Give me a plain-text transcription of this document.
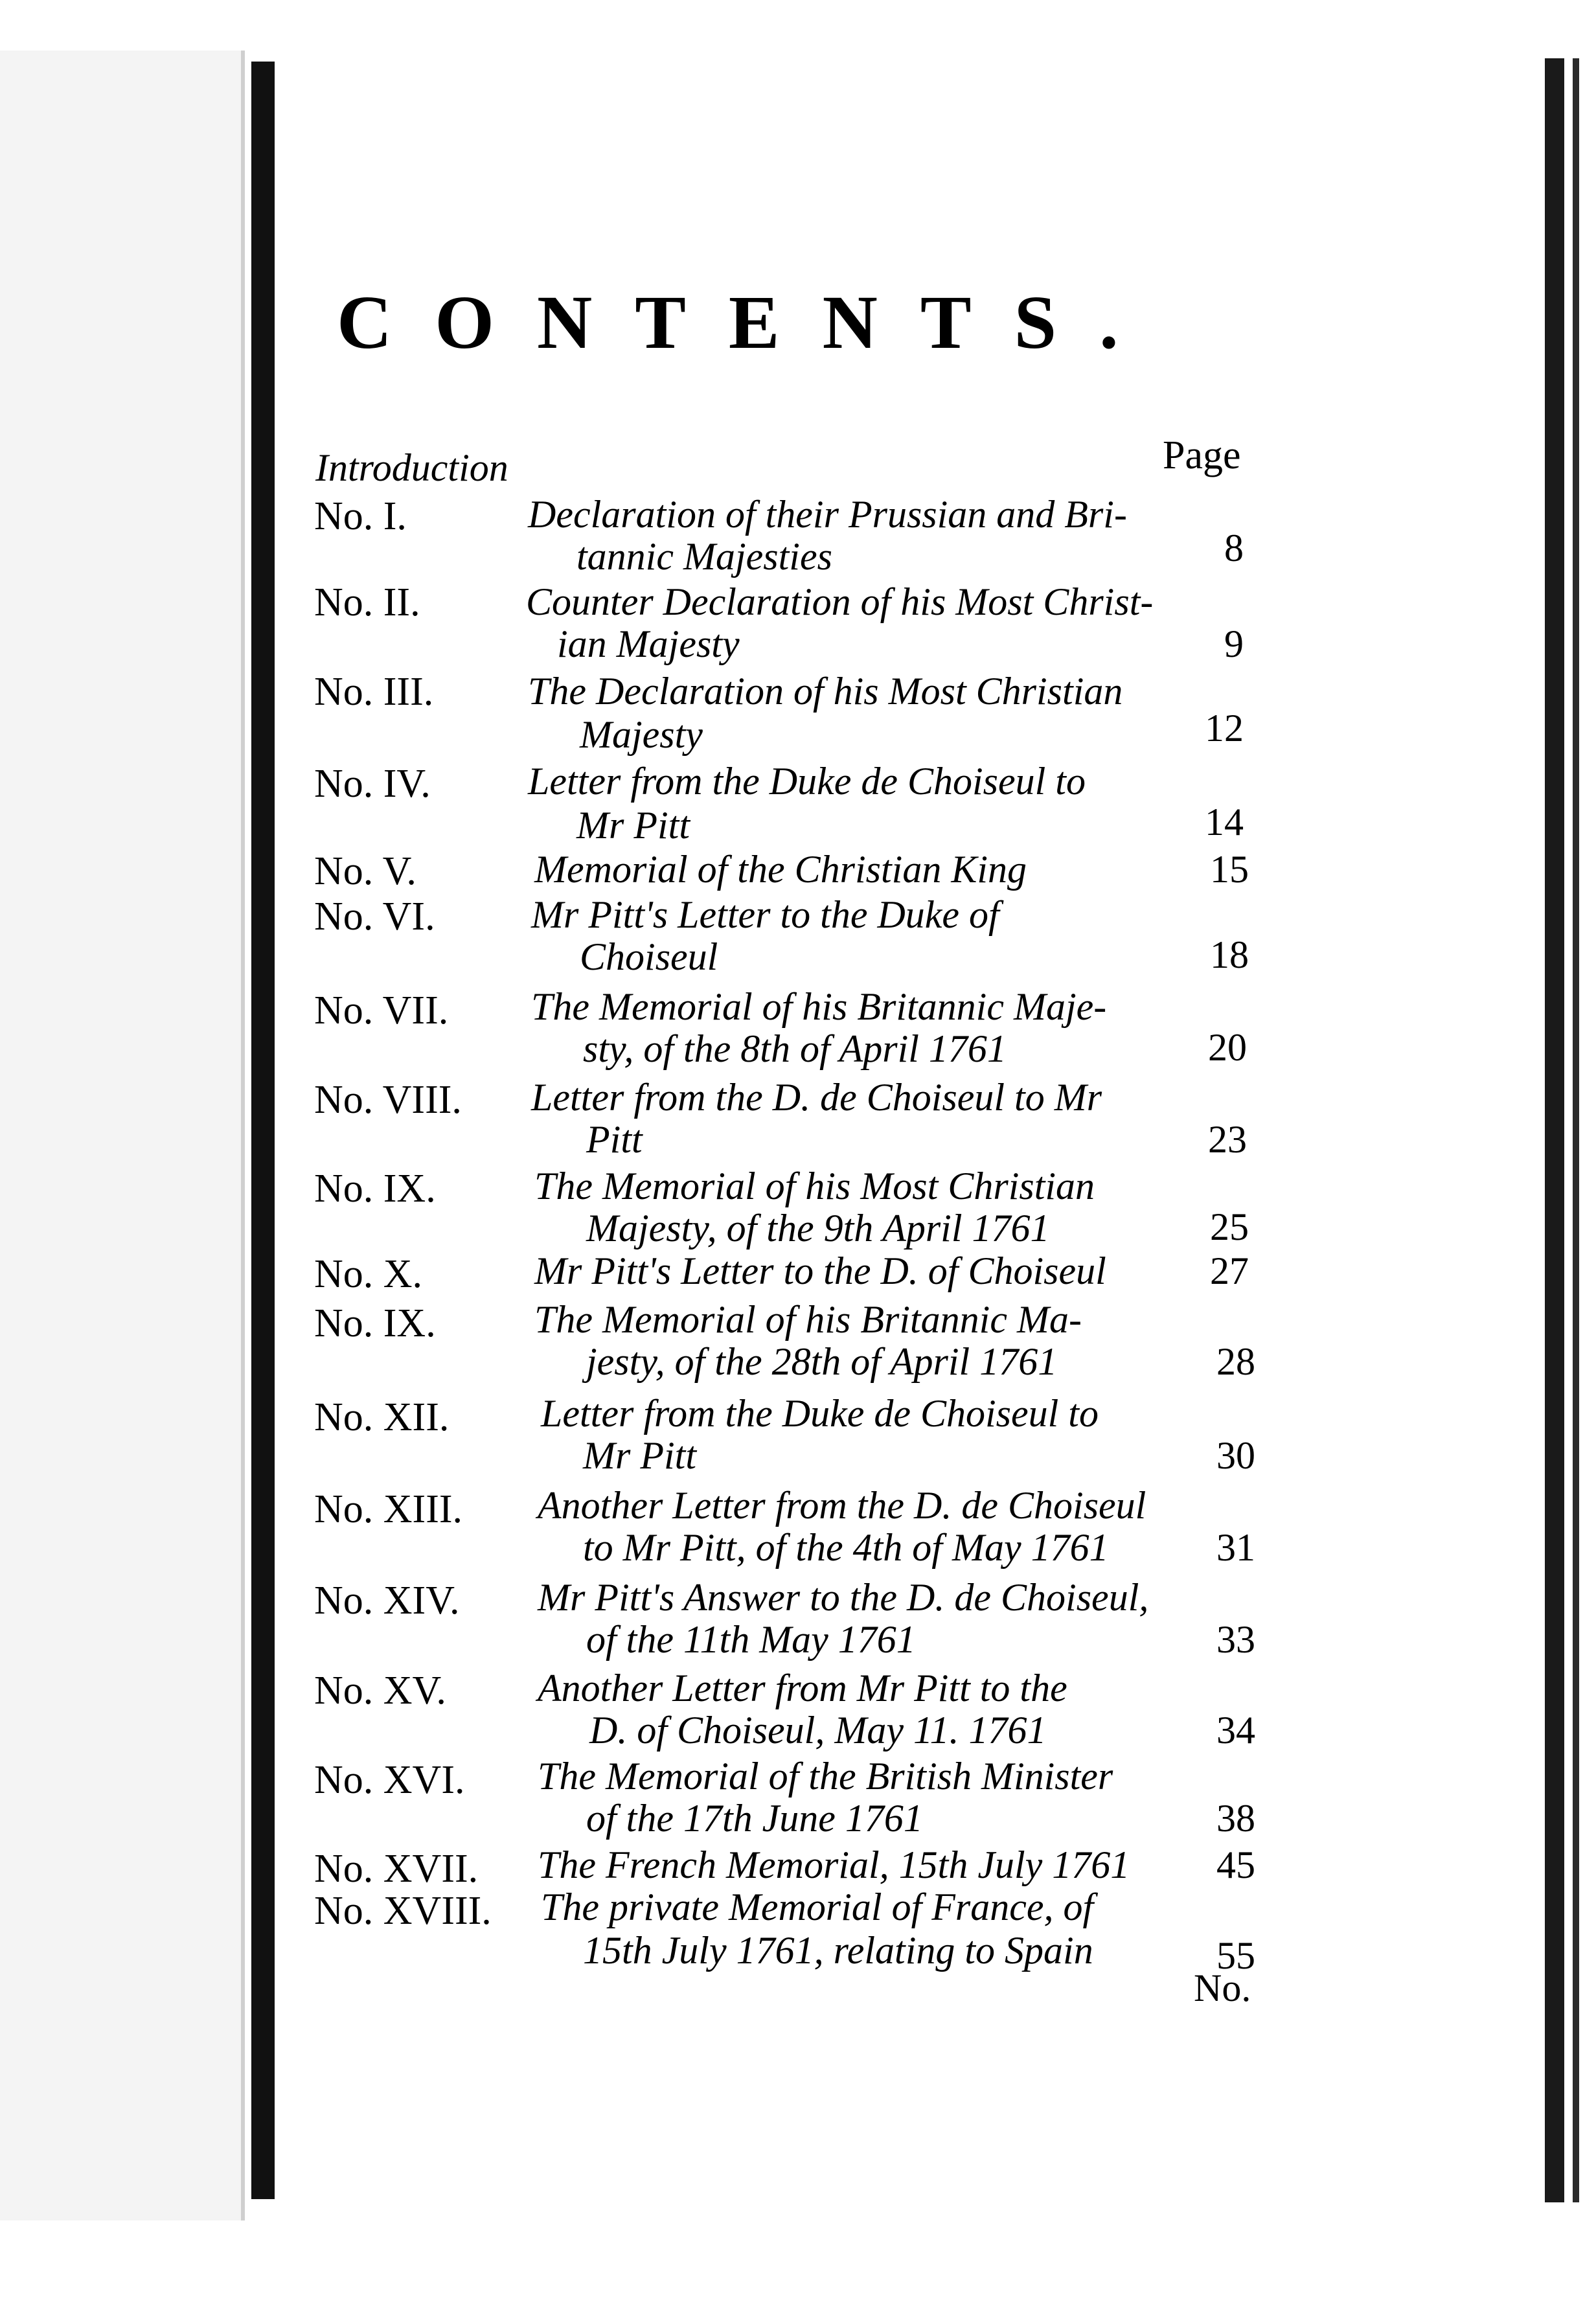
CONTENTS.
Introduction	Page
No. I.	Declaration of their Prussian and Bri-
tannic Majesties	8
No. II.	Counter Declaration of his Most Christ-
ian Majesty	9
No. III. The Declaration of his Most Christian
Majesty	12
No. IV.	Letter from the Duke de Choiseul to
Mr Pitt	14
No. V.	Memorial of the Christian King	15
No. VI. Mr Pitt's Letter to the Duke of
Choiseul	18
No. VII. The Memorial of his Britannic Maje-
sty, of the 8th of April 1761	20
No. VIII. Letter from the D. de Choiseul to Mr
Pitt	23
No. IX.	The Memorial of his Most Christian
Majesty, of the 9th April 1761	25
No. X.	Mr Pitt's Letter to the D. of Choiseul	27
No. IX.	The Memorial of his Britannic Ma-
jesty, of the 28th of April 1761	28
No. XII. Letter from the Duke de Choiseul to
Mr Pitt	30
No. XIII. Another Letter from the D. de Choiseul
to Mr Pitt, of the 4th of May 1761	31
No. XIV. Mr Pitt's Answer to the D. de Choiseul,
of the 11th May 1761	33
No. XV. Another Letter from Mr Pitt to the
D. of Choiseul, May 11. 1761	34
No. XVI. The Memorial of the British Minister
of the 17th June 1761	38
No. XVII. The French Memorial, 15th July 1761 45
No. XVIII. The private Memorial of France, of
15th July 1761, relating to Spain	55
No.
